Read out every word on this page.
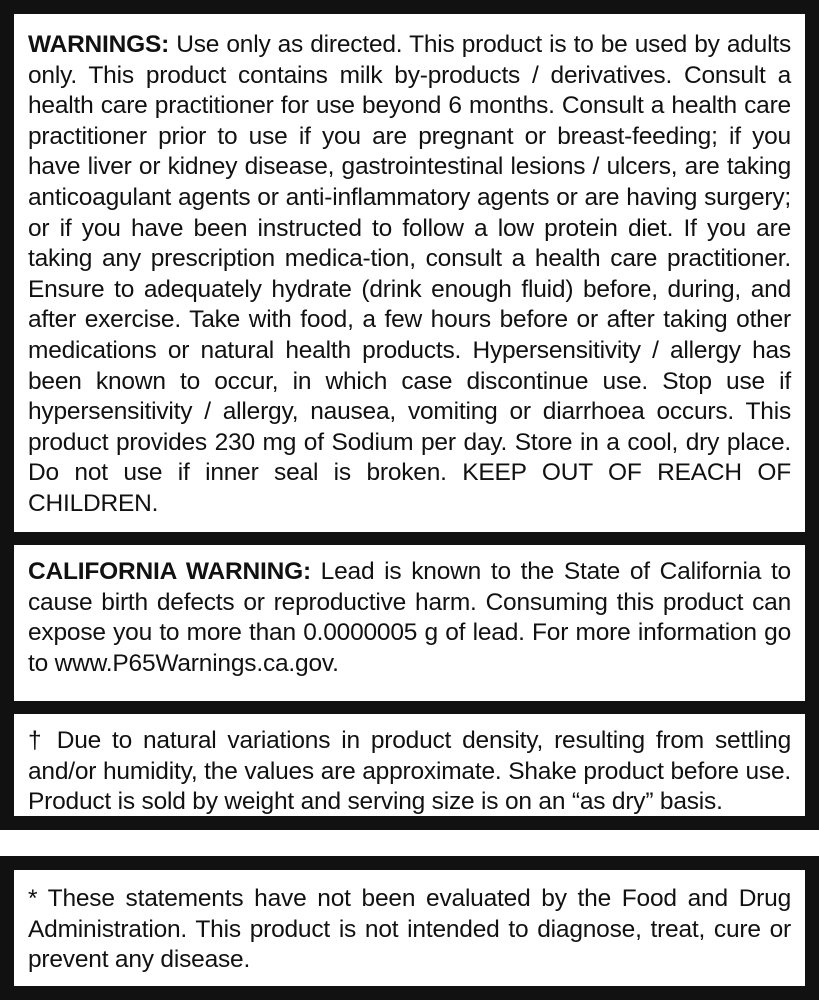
WARNINGS: Use only as directed. This product is to be used by adults only. This product contains milk by-products / derivatives. Consult a health care practitioner for use beyond 6 months. Consult a health care practitioner prior to use if you are pregnant or breast-feeding; if you have liver or kidney disease, gastrointestinal lesions / ulcers, are taking anticoagulant agents or anti-inflammatory agents or are having surgery; or if you have been instructed to follow a low protein diet. If you are taking any prescription medica-tion, consult a health care practitioner. Ensure to adequately hydrate (drink enough fluid) before, during, and after exercise. Take with food, a few hours before or after taking other medications or natural health products. Hypersensitivity / allergy has been known to occur, in which case discontinue use. Stop use if hypersensitivity / allergy, nausea, vomiting or diarrhoea occurs. This product provides 230 mg of Sodium per day. Store in a cool, dry place. Do not use if inner seal is broken. KEEP OUT OF REACH OF CHILDREN.

CALIFORNIA WARNING: Lead is known to the State of California to cause birth defects or reproductive harm. Consuming this product can expose you to more than 0.0000005 g of lead. For more information go to www.P65Warnings.ca.gov.

† Due to natural variations in product density, resulting from settling and/or humidity, the values are approximate. Shake product before use. Product is sold by weight and serving size is on an “as dry” basis.

* These statements have not been evaluated by the Food and Drug Administration. This product is not intended to diagnose, treat, cure or prevent any disease.
